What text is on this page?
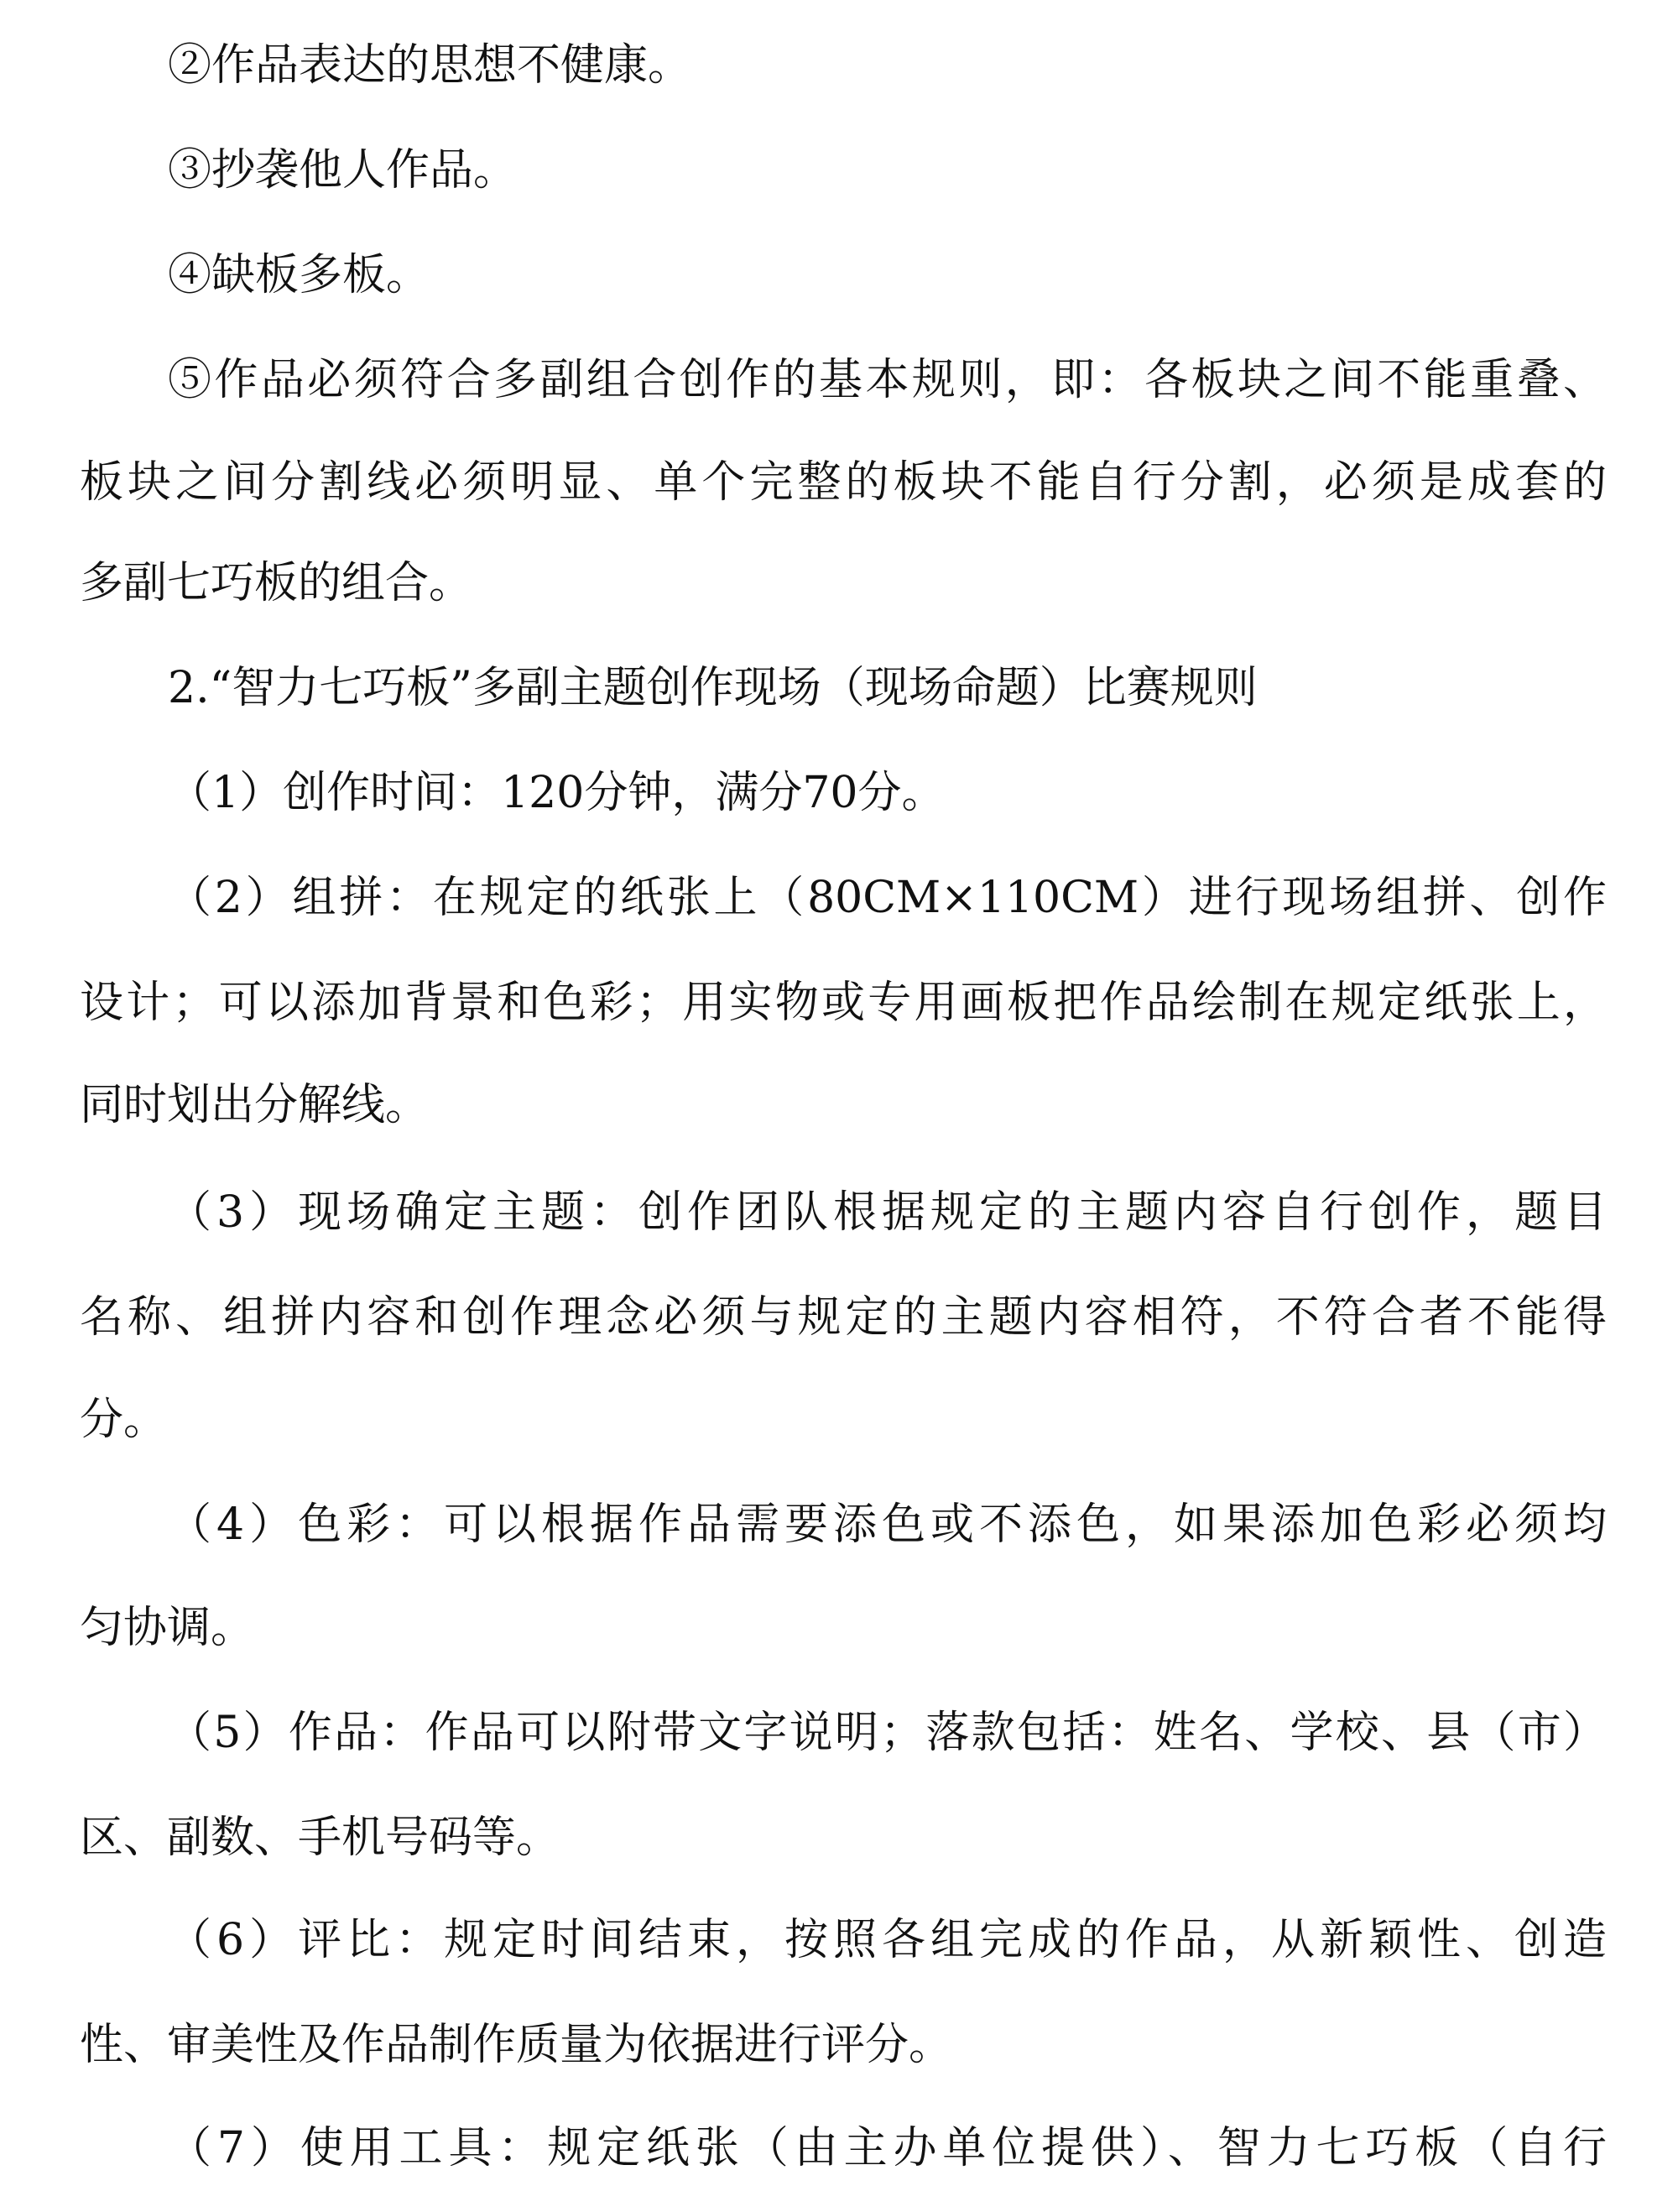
②作品表达的思想不健康。
③抄袭他人作品。
④缺板多板。
⑤作品必须符合多副组合创作的基本规则，即：各板块之间不能重叠、
板块之间分割线必须明显、单个完整的板块不能自行分割，必须是成套的
多副七巧板的组合。
2.“智力七巧板”多副主题创作现场（现场命题）比赛规则
（1）创作时间：120分钟，满分70分。
（2）组拼：在规定的纸张上（80CM×110CM）进行现场组拼、创作
设计；可以添加背景和色彩；用实物或专用画板把作品绘制在规定纸张上，
同时划出分解线。
（3）现场确定主题：创作团队根据规定的主题内容自行创作，题目
名称、组拼内容和创作理念必须与规定的主题内容相符，不符合者不能得
分。
（4）色彩：可以根据作品需要添色或不添色，如果添加色彩必须均
匀协调。
（5）作品：作品可以附带文字说明；落款包括：姓名、学校、县（市）
区、副数、手机号码等。
（6）评比：规定时间结束，按照各组完成的作品，从新颖性、创造
性、审美性及作品制作质量为依据进行评分。
（7）使用工具：规定纸张（由主办单位提供）、智力七巧板（自行
